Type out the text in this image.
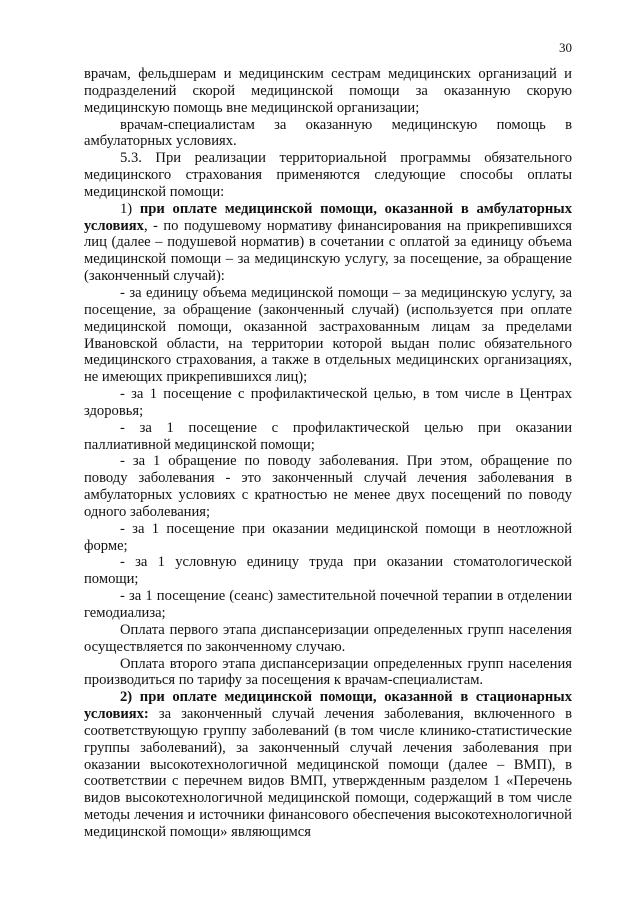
30

врачам, фельдшерам и медицинским сестрам медицинских организаций и подразделений скорой медицинской помощи за оказанную скорую медицинскую помощь вне медицинской организации;

врачам-специалистам за оказанную медицинскую помощь в амбулаторных условиях.

5.3. При реализации территориальной программы обязательного медицинского страхования применяются следующие способы оплаты медицинской помощи:

1) при оплате медицинской помощи, оказанной в амбулаторных условиях, - по подушевому нормативу финансирования на прикрепившихся лиц (далее – подушевой норматив) в сочетании с оплатой за единицу объема медицинской помощи – за медицинскую услугу, за посещение, за обращение (законченный случай):

- за единицу объема медицинской помощи – за медицинскую услугу, за посещение, за обращение (законченный случай) (используется при оплате медицинской помощи, оказанной застрахованным лицам за пределами Ивановской области, на территории которой выдан полис обязательного медицинского страхования, а также в отдельных медицинских организациях, не имеющих прикрепившихся лиц);

- за 1 посещение с профилактической целью, в том числе в Центрах здоровья;

- за 1 посещение с профилактической целью при оказании паллиативной медицинской помощи;

- за 1 обращение по поводу заболевания. При этом, обращение по поводу заболевания - это законченный случай лечения заболевания в амбулаторных условиях с кратностью не менее двух посещений по поводу одного заболевания;

- за 1 посещение при оказании медицинской помощи в неотложной форме;

- за 1 условную единицу труда при оказании стоматологической помощи;

- за 1 посещение (сеанс) заместительной почечной терапии в отделении гемодиализа;

Оплата первого этапа диспансеризации определенных групп населения осуществляется по законченному случаю.

Оплата второго этапа диспансеризации определенных групп населения производиться по тарифу за посещения к врачам-специалистам.

2) при оплате медицинской помощи, оказанной в стационарных условиях: за законченный случай лечения заболевания, включенного в соответствующую группу заболеваний (в том числе клинико-статистические группы заболеваний), за законченный случай лечения заболевания при оказании высокотехнологичной медицинской помощи (далее – ВМП), в соответствии с перечнем видов ВМП, утвержденным разделом 1 «Перечень видов высокотехнологичной медицинской помощи, содержащий в том числе методы лечения и источники финансового обеспечения высокотехнологичной медицинской помощи» являющимся
